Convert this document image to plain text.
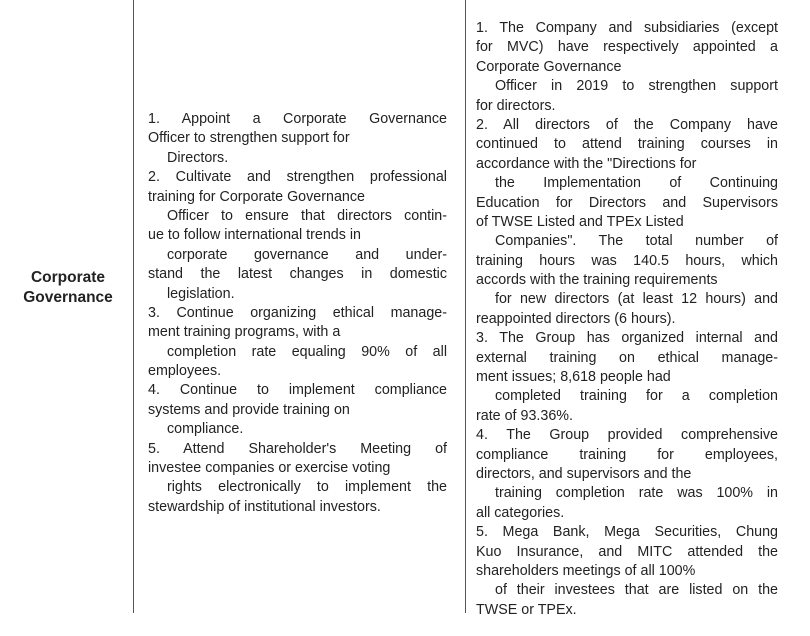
Corporate
Governance
1. Appoint a Corporate Governance
Officer to strengthen support for
Directors.
2. Cultivate and strengthen professional
training for Corporate Governance
Officer to ensure that directors contin-
ue to follow international trends in
corporate governance and under-
stand the latest changes in domestic
legislation.
3. Continue organizing ethical manage-
ment training programs, with a
completion rate equaling 90% of all
employees.
4. Continue to implement compliance
systems and provide training on
compliance.
5. Attend Shareholder's Meeting of
investee companies or exercise voting
rights electronically to implement the
stewardship of institutional investors.
1. The Company and subsidiaries (except
for MVC) have respectively appointed a
Corporate Governance
Officer in 2019 to strengthen support
for directors.
2. All directors of the Company have
continued to attend training courses in
accordance with the "Directions for
the Implementation of Continuing
Education for Directors and Supervisors
of TWSE Listed and TPEx Listed
Companies". The total number of
training hours was 140.5 hours, which
accords with the training requirements
for new directors (at least 12 hours) and
reappointed directors (6 hours).
3. The Group has organized internal and
external training on ethical manage-
ment issues; 8,618 people had
completed training for a completion
rate of 93.36%.
4. The Group provided comprehensive
compliance training for employees,
directors, and supervisors and the
training completion rate was 100% in
all categories.
5. Mega Bank, Mega Securities, Chung
Kuo Insurance, and MITC attended the
shareholders meetings of all 100%
of their investees that are listed on the
TWSE or TPEx.
